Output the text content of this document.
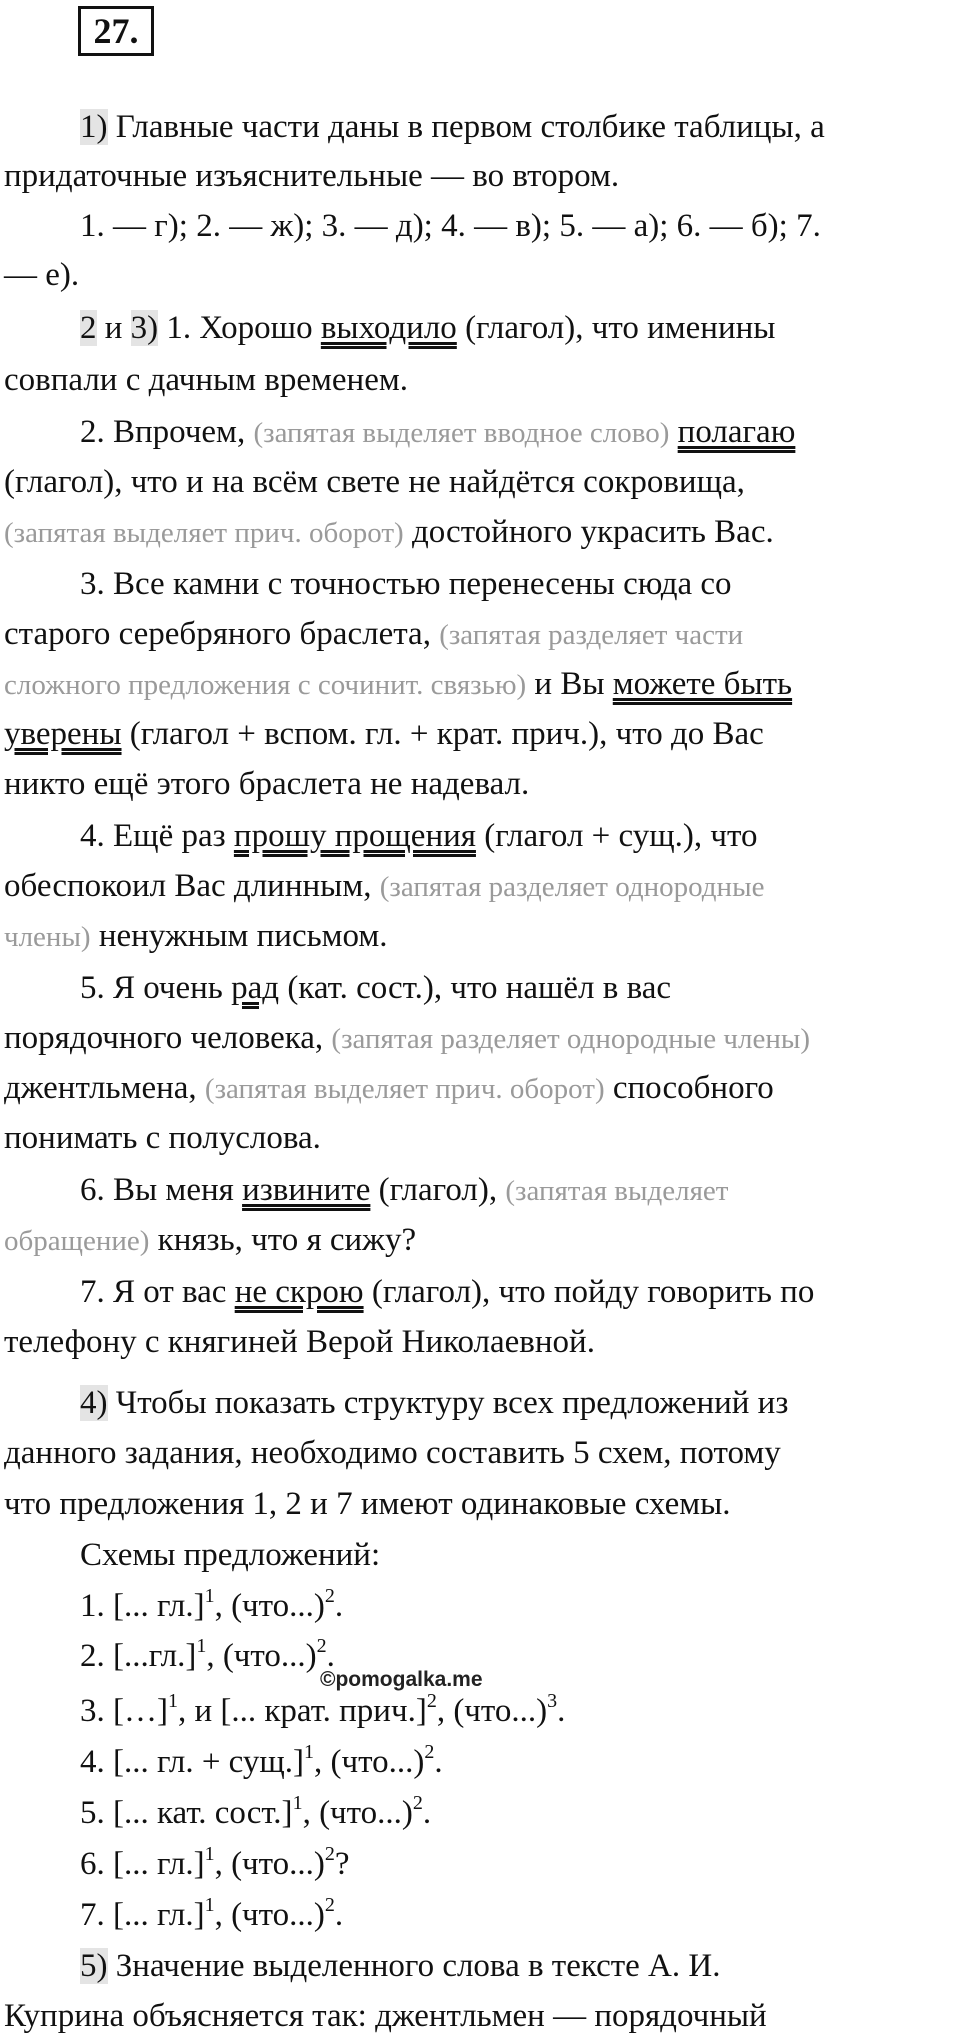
27.
1) Главные части даны в первом столбике таблицы, а
придаточные изъяснительные — во втором.
1. — г); 2. — ж); 3. — д); 4. — в); 5. — а); 6. — б); 7.
— е).
2 и 3) 1. Хорошо выходило (глагол), что именины
совпали с дачным временем.
2. Впрочем, (запятая выделяет вводное слово) полагаю
(глагол), что и на всём свете не найдётся сокровища,
(запятая выделяет прич. оборот) достойного украсить Вас.
3. Все камни с точностью перенесены сюда со
старого серебряного браслета, (запятая разделяет части
сложного предложения с сочинит. связью) и Вы можете быть
уверены (глагол + вспом. гл. + крат. прич.), что до Вас
никто ещё этого браслета не надевал.
4. Ещё раз прошу прощения (глагол + сущ.), что
обеспокоил Вас длинным, (запятая разделяет однородные
члены) ненужным письмом.
5. Я очень рад (кат. сост.), что нашёл в вас
порядочного человека, (запятая разделяет однородные члены)
джентльмена, (запятая выделяет прич. оборот) способного
понимать с полуслова.
6. Вы меня извините (глагол), (запятая выделяет
обращение) князь, что я сижу?
7. Я от вас не скрою (глагол), что пойду говорить по
телефону с княгиней Верой Николаевной.
4) Чтобы показать структуру всех предложений из
данного задания, необходимо составить 5 схем, потому
что предложения 1, 2 и 7 имеют одинаковые схемы.
Схемы предложений:
1. [... гл.]$^1$, $(что...)^2$.
2. $[...гл.]^1$, $(что...)^2$.
3. […]$^1$, и [... крат. прич.]$^2$, $(что...)^3$.
4. [... гл. + сущ.]$^1$, $(что...)^2$.
5. [... кат. сост.]$^1$, $(что...)^2$.
6. [... гл.]$^1$, $(что...)^2$?
7. [... гл.]$^1$, $(что...)^2$.
5) Значение выделенного слова в тексте А. И.
Куприна объясняется так: джентльмен — порядочный
©pomogalka.me
